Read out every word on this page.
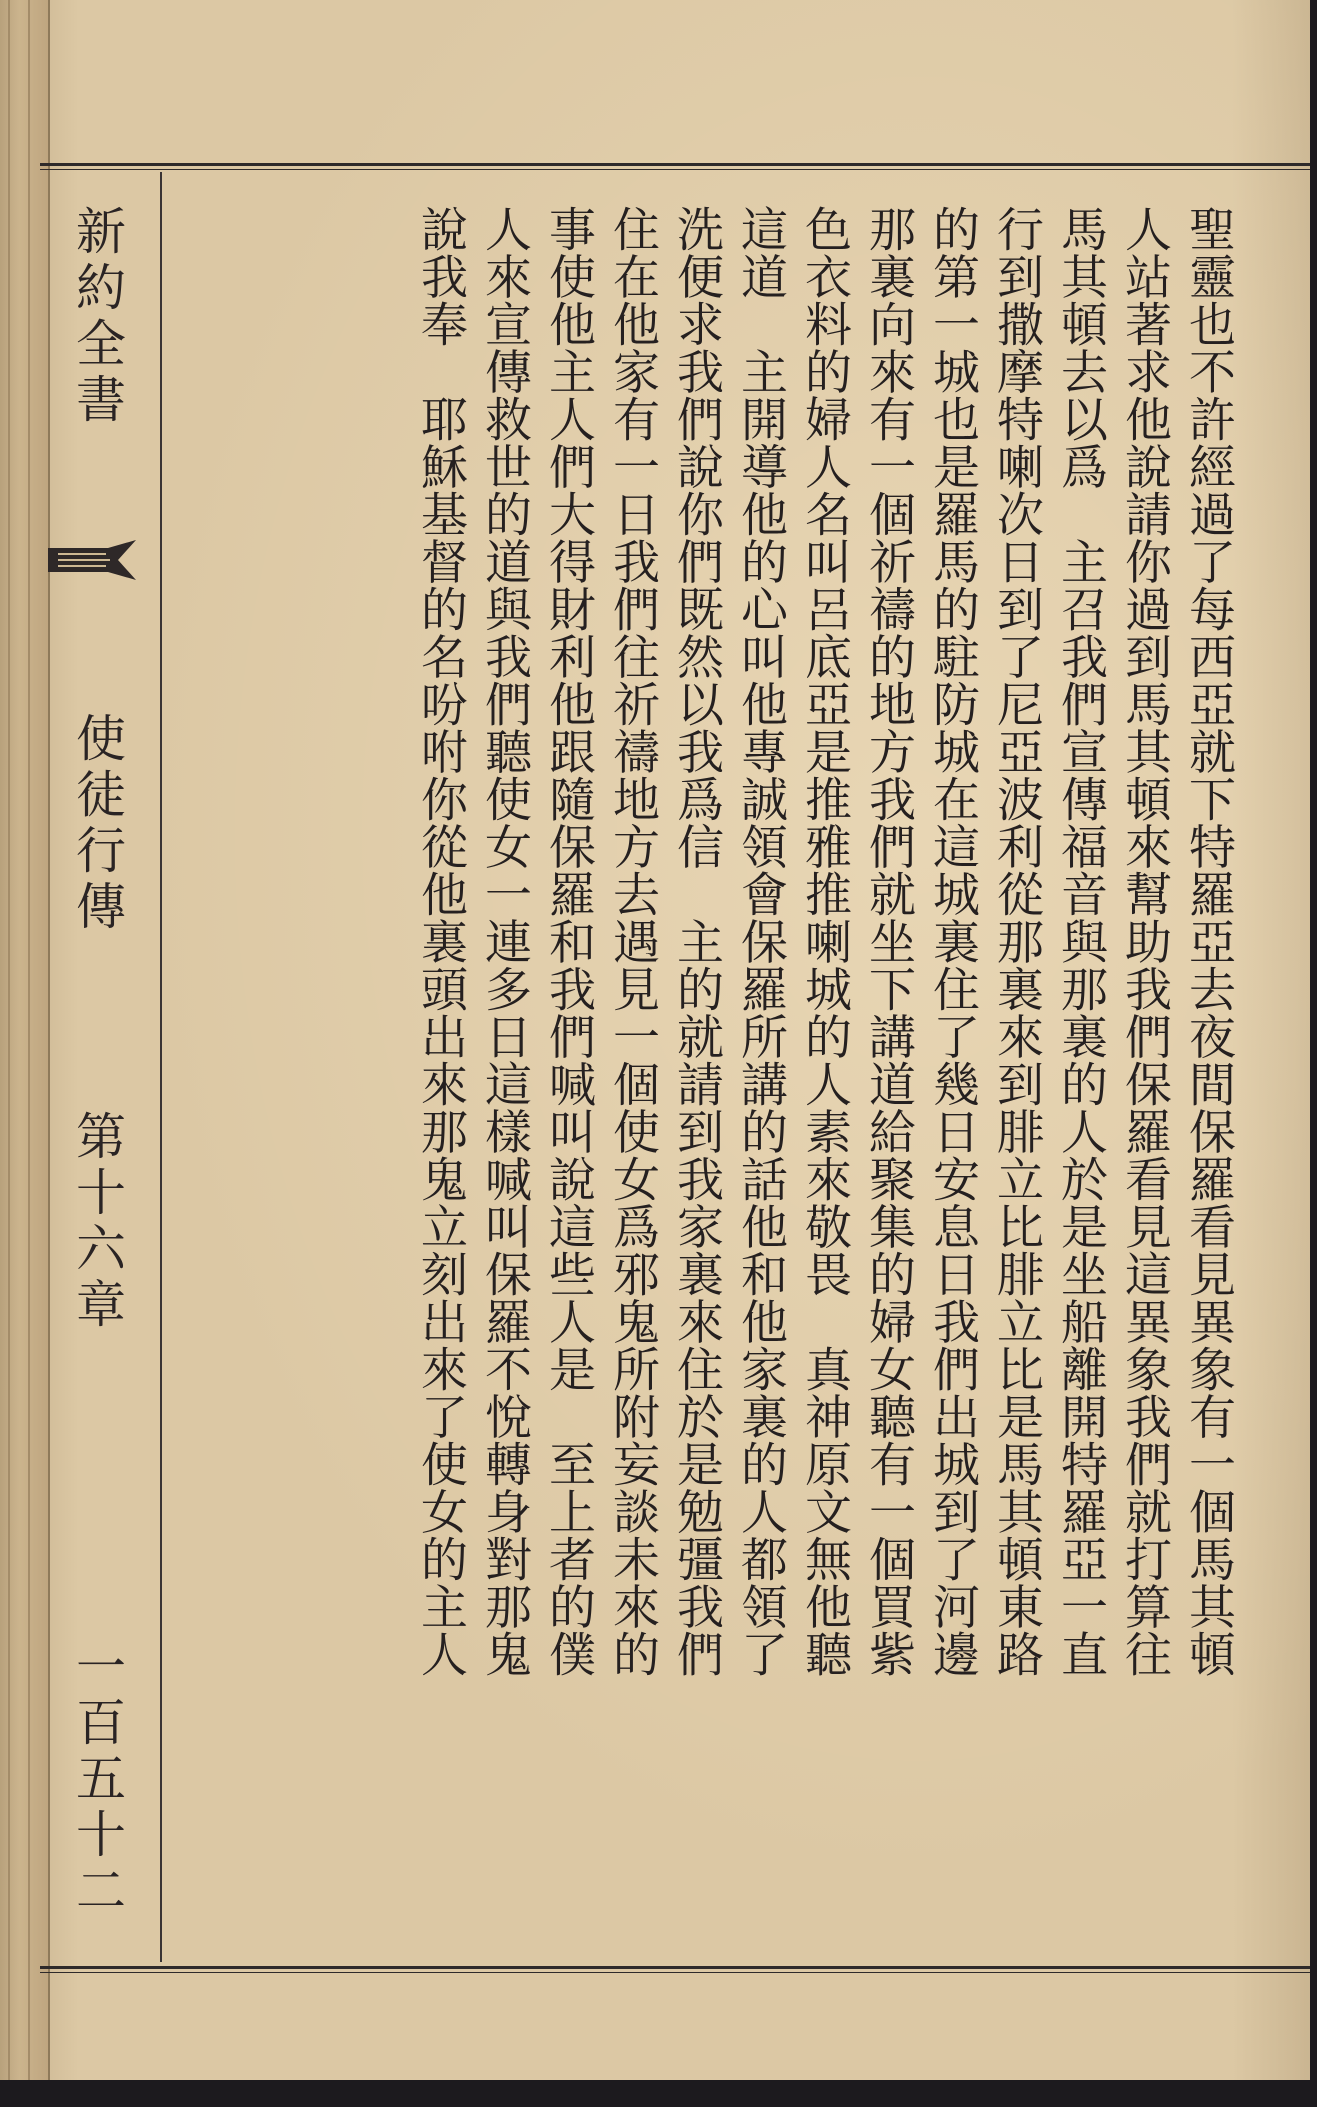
新約全書
使徒行傳
第十六章
一百五十二
聖靈也不許經過了每西亞就下特羅亞去夜間保羅看見異象有一個馬其頓
人站著求他說請你過到馬其頓來幫助我們保羅看見這異象我們就打算往
馬其頓去以爲　主召我們宣傳福音與那裏的人於是坐船離開特羅亞一直
行到撒摩特喇次日到了尼亞波利從那裏來到腓立比腓立比是馬其頓東路
的第一城也是羅馬的駐防城在這城裏住了幾日安息日我們出城到了河邊
那裏向來有一個祈禱的地方我們就坐下講道給聚集的婦女聽有一個買紫
色衣料的婦人名叫呂底亞是推雅推喇城的人素來敬畏　真神原文無他聽
這道　主開導他的心叫他專誠領會保羅所講的話他和他家裏的人都領了
洗便求我們說你們既然以我爲信　主的就請到我家裏來住於是勉彊我們
住在他家有一日我們往祈禱地方去遇見一個使女爲邪鬼所附妄談未來的
事使他主人們大得財利他跟隨保羅和我們喊叫說這些人是　至上者的僕
人來宣傳救世的道與我們聽使女一連多日這樣喊叫保羅不悅轉身對那鬼
說我奉　耶穌基督的名吩咐你從他裏頭出來那鬼立刻出來了使女的主人
